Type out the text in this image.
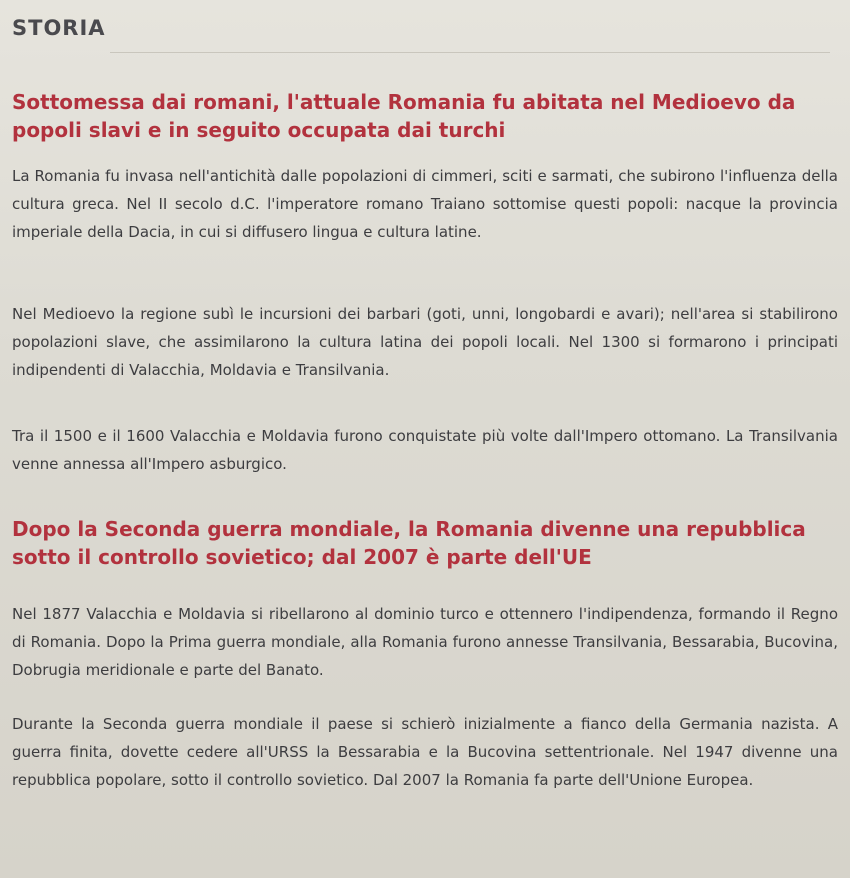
STORIA
Sottomessa dai romani, l'attuale Romania fu abitata nel Medioevo da popoli slavi e in seguito occupata dai turchi

La Romania fu invasa nell'antichità dalle popolazioni di cimmeri, sciti e sarmati, che subirono l'influenza della cultura greca. Nel II secolo d.C. l'imperatore romano Traiano sottomise questi popoli: nacque la provincia imperiale della Dacia, in cui si diffusero lingua e cultura latine.

Nel Medioevo la regione subì le incursioni dei barbari (goti, unni, longobardi e avari); nell'area si stabilirono popolazioni slave, che assimilarono la cultura latina dei popoli locali. Nel 1300 si formarono i principati indipendenti di Valacchia, Moldavia e Transilvania.

Tra il 1500 e il 1600 Valacchia e Moldavia furono conquistate più volte dall'Impero ottomano. La Transilvania venne annessa all'Impero asburgico.

Dopo la Seconda guerra mondiale, la Romania divenne una repubblica sotto il controllo sovietico; dal 2007 è parte dell'UE

Nel 1877 Valacchia e Moldavia si ribellarono al dominio turco e ottennero l'indipendenza, formando il Regno di Romania. Dopo la Prima guerra mondiale, alla Romania furono annesse Transilvania, Bessarabia, Bucovina, Dobrugia meridionale e parte del Banato.

Durante la Seconda guerra mondiale il paese si schierò inizialmente a fianco della Germania nazista. A guerra finita, dovette cedere all'URSS la Bessarabia e la Bucovina settentrionale. Nel 1947 divenne una repubblica popolare, sotto il controllo sovietico. Dal 2007 la Romania fa parte dell'Unione Europea.
